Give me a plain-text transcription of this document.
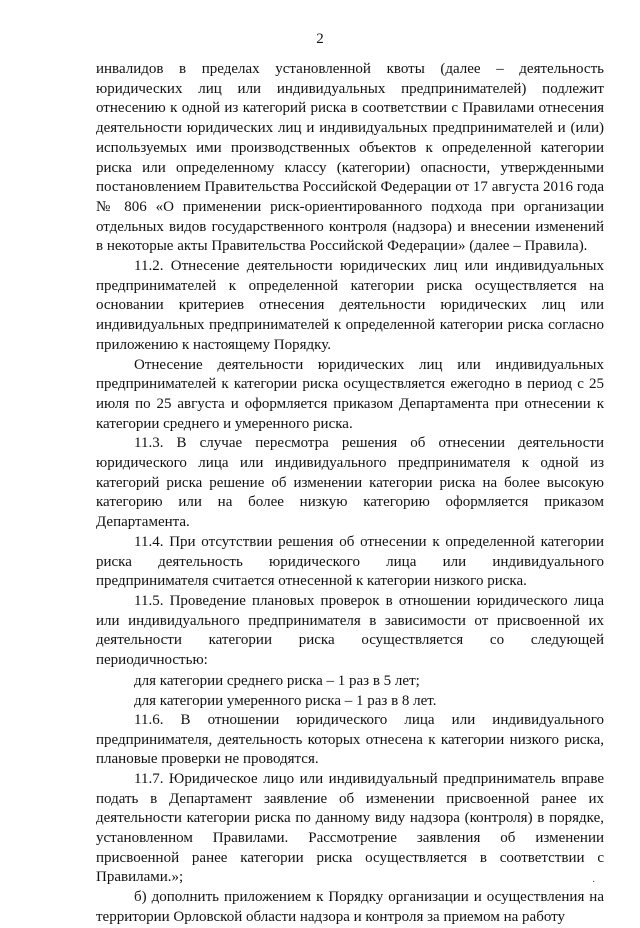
2

инвалидов в пределах установленной квоты (далее – деятельность юридических лиц или индивидуальных предпринимателей) подлежит отнесению к одной из категорий риска в соответствии с Правилами отнесения деятельности юридических лиц и индивидуальных предпринимателей и (или) используемых ими производственных объектов к определенной категории риска или определенному классу (категории) опасности, утвержденными постановлением Правительства Российской Федерации от 17 августа 2016 года № 806 «О применении риск-ориентированного подхода при организации отдельных видов государственного контроля (надзора) и внесении изменений в некоторые акты Правительства Российской Федерации» (далее – Правила).

11.2. Отнесение деятельности юридических лиц или индивидуальных предпринимателей к определенной категории риска осуществляется на основании критериев отнесения деятельности юридических лиц или индивидуальных предпринимателей к определенной категории риска согласно приложению к настоящему Порядку.

Отнесение деятельности юридических лиц или индивидуальных предпринимателей к категории риска осуществляется ежегодно в период с 25 июля по 25 августа и оформляется приказом Департамента при отнесении к категории среднего и умеренного риска.

11.3. В случае пересмотра решения об отнесении деятельности юридического лица или индивидуального предпринимателя к одной из категорий риска решение об изменении категории риска на более высокую категорию или на более низкую категорию оформляется приказом Департамента.

11.4. При отсутствии решения об отнесении к определенной категории риска деятельность юридического лица или индивидуального предпринимателя считается отнесенной к категории низкого риска.

11.5. Проведение плановых проверок в отношении юридического лица или индивидуального предпринимателя в зависимости от присвоенной их деятельности категории риска осуществляется со следующей периодичностью:

для категории среднего риска – 1 раз в 5 лет;

для категории умеренного риска – 1 раз в 8 лет.

11.6. В отношении юридического лица или индивидуального предпринимателя, деятельность которых отнесена к категории низкого риска, плановые проверки не проводятся.

11.7. Юридическое лицо или индивидуальный предприниматель вправе подать в Департамент заявление об изменении присвоенной ранее их деятельности категории риска по данному виду надзора (контроля) в порядке, установленном Правилами. Рассмотрение заявления об изменении присвоенной ранее категории риска осуществляется в соответствии с Правилами.»;

б) дополнить приложением к Порядку организации и осуществления на территории Орловской области надзора и контроля за приемом на работу

·
